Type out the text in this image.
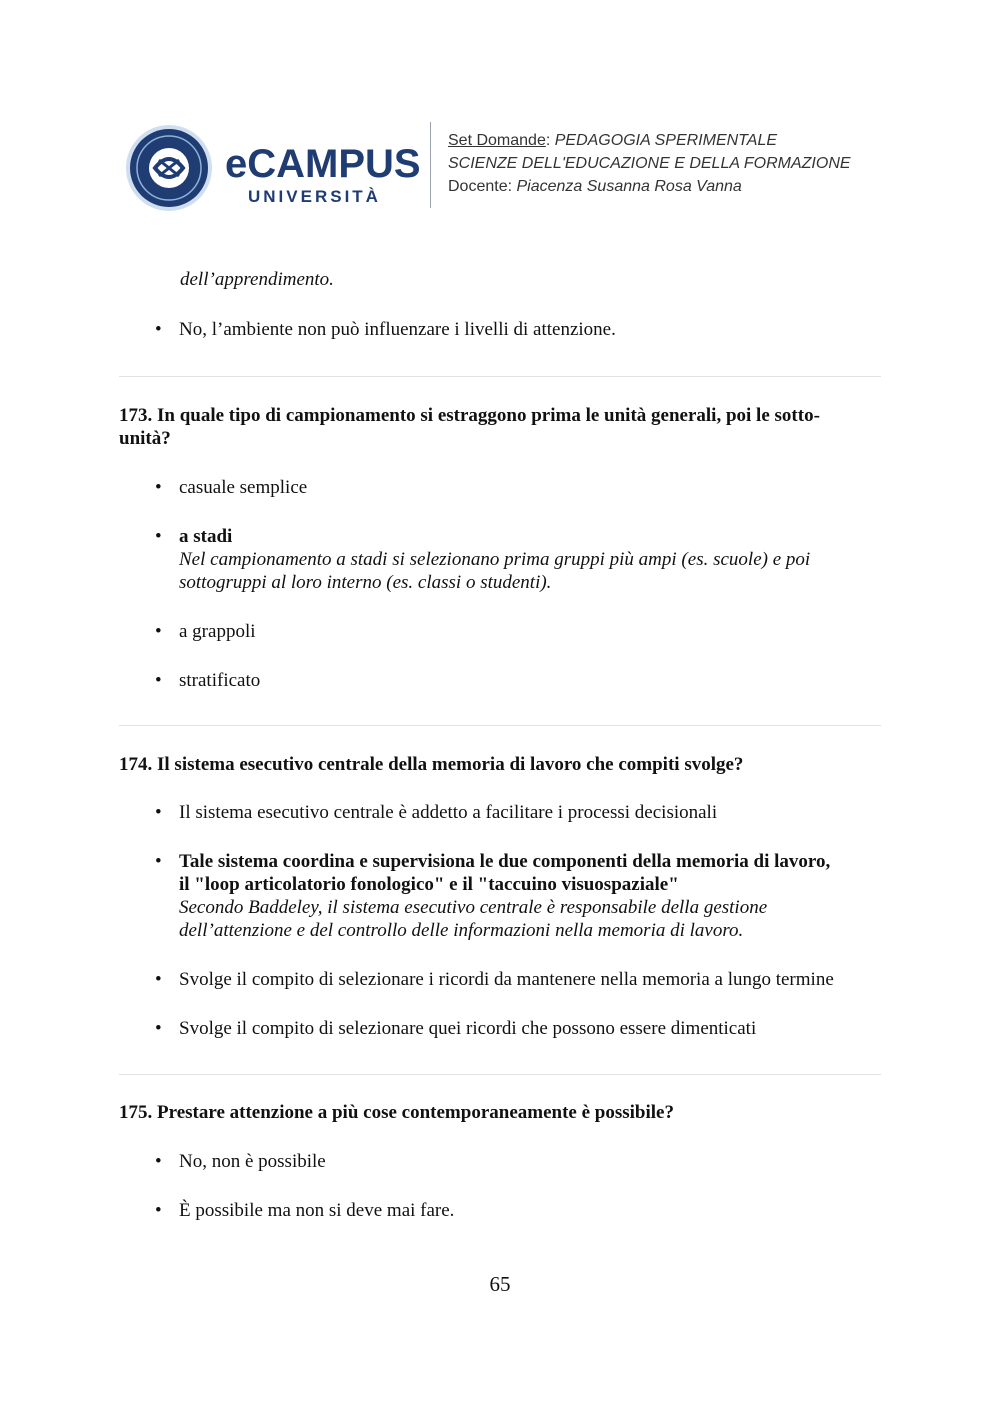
eCAMPUS
UNIVERSITÀ
Set Domande: PEDAGOGIA SPERIMENTALE
SCIENZE DELL'EDUCAZIONE E DELLA FORMAZIONE
Docente: Piacenza Susanna Rosa Vanna
dell’apprendimento.
• No, l’ambiente non può influenzare i livelli di attenzione.
173. In quale tipo di campionamento si estraggono prima le unità generali, poi le sotto-
unità?
• casuale semplice
• a stadi
Nel campionamento a stadi si selezionano prima gruppi più ampi (es. scuole) e poi
sottogruppi al loro interno (es. classi o studenti).
• a grappoli
• stratificato
174. Il sistema esecutivo centrale della memoria di lavoro che compiti svolge?
• Il sistema esecutivo centrale è addetto a facilitare i processi decisionali
• Tale sistema coordina e supervisiona le due componenti della memoria di lavoro,
il "loop articolatorio fonologico" e il "taccuino visuospaziale"
Secondo Baddeley, il sistema esecutivo centrale è responsabile della gestione
dell’attenzione e del controllo delle informazioni nella memoria di lavoro.
• Svolge il compito di selezionare i ricordi da mantenere nella memoria a lungo termine
• Svolge il compito di selezionare quei ricordi che possono essere dimenticati
175. Prestare attenzione a più cose contemporaneamente è possibile?
• No, non è possibile
• È possibile ma non si deve mai fare.
65
